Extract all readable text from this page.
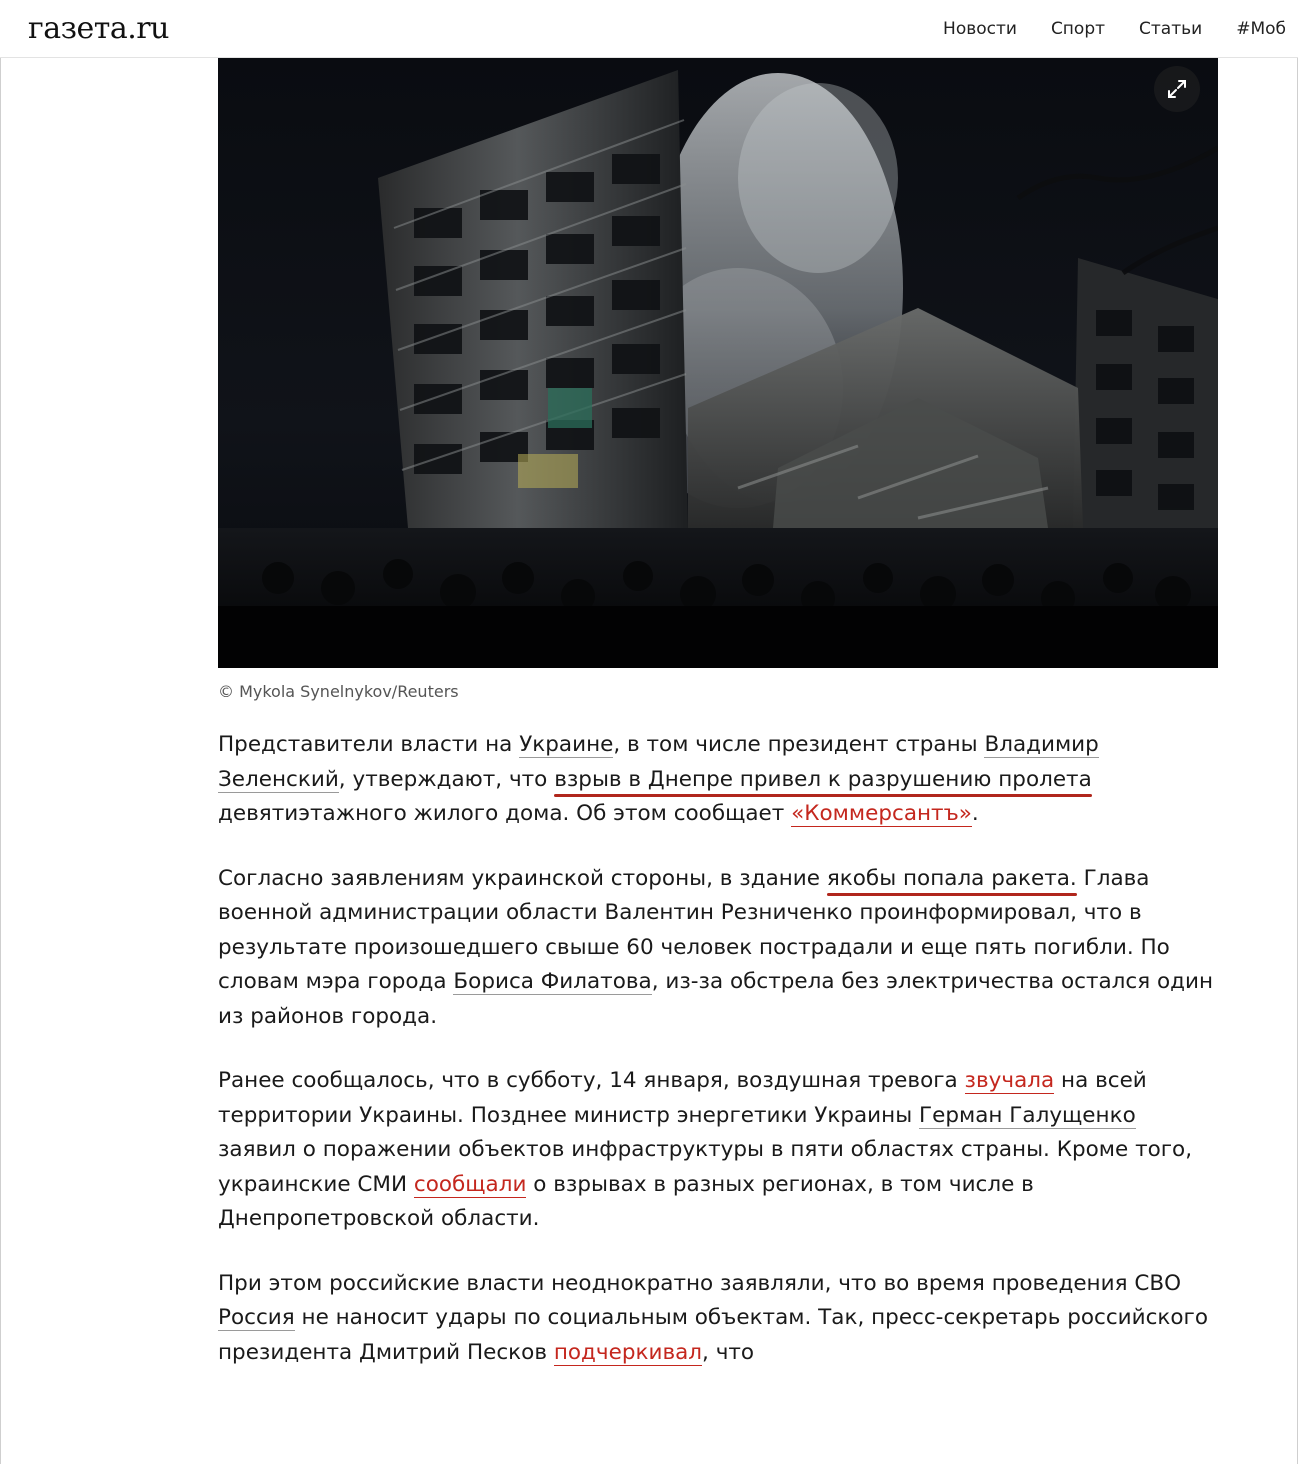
газета.ru	Новости Спорт Статьи #Моб
© Mykola Synelnykov/Reuters

Представители власти на Украине, в том числе президент страны Владимир Зеленский, утверждают, что взрыв в Днепре привел к разрушению пролета девятиэтажного жилого дома. Об этом сообщает «Коммерсантъ».

Согласно заявлениям украинской стороны, в здание якобы попала ракета. Глава военной администрации области Валентин Резниченко проинформировал, что в результате произошедшего свыше 60 человек пострадали и еще пять погибли. По словам мэра города Бориса Филатова, из-за обстрела без электричества остался один из районов города.

Ранее сообщалось, что в субботу, 14 января, воздушная тревога звучала на всей территории Украины. Позднее министр энергетики Украины Герман Галущенко заявил о поражении объектов инфраструктуры в пяти областях страны. Кроме того, украинские СМИ сообщали о взрывах в разных регионах, в том числе в Днепропетровской области.

При этом российские власти неоднократно заявляли, что во время проведения СВО Россия не наносит удары по социальным объектам. Так, пресс-секретарь российского президента Дмитрий Песков подчеркивал, что
